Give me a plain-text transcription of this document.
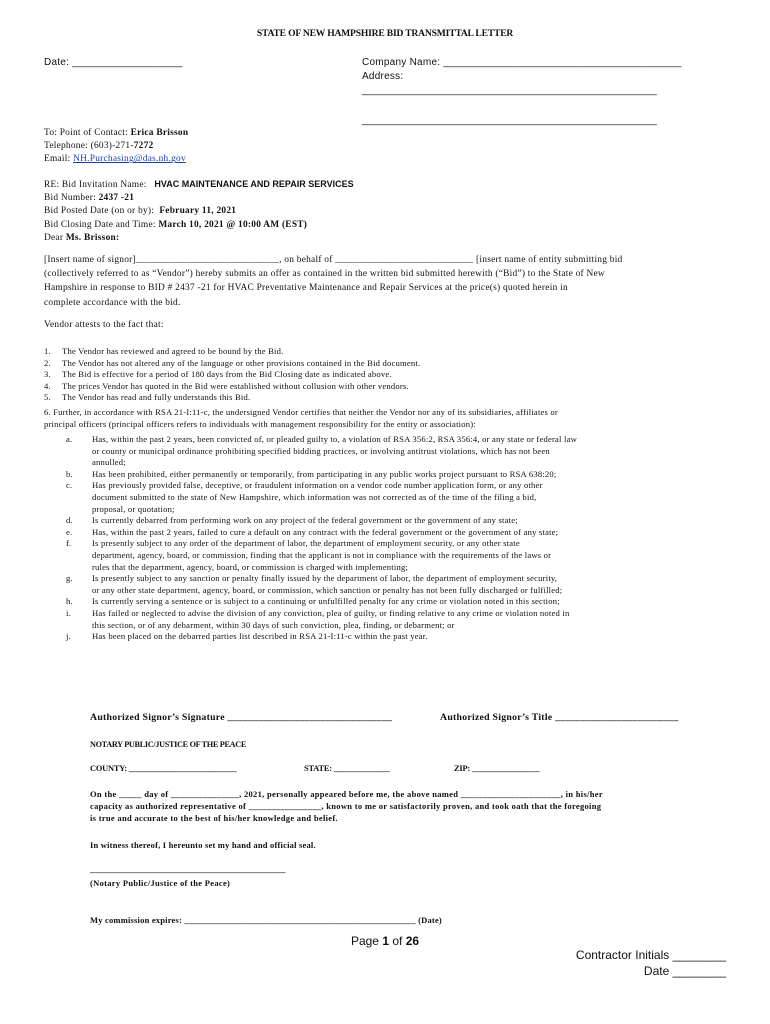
STATE OF NEW HAMPSHIRE BID TRANSMITTAL LETTER
Date: ___________________	Company Name: _________________________________________
Address:
_____________________________________________________
_____________________________________________________

To: Point of Contact: Erica Brisson

Telephone: (603)-271-7272

Email: NH.Purchasing@das.nh.gov

RE: Bid Invitation Name: HVAC MAINTENANCE AND REPAIR SERVICES

Bid Number: 2437 -21

Bid Posted Date (on or by): February 11, 2021

Bid Closing Date and Time: March 10, 2021 @ 10:00 AM (EST)

Dear Ms. Brisson:

[Insert name of signor]_____________________________, on behalf of ____________________________ [insert name of entity submitting bid

(collectively referred to as “Vendor”) hereby submits an offer as contained in the written bid submitted herewith (“Bid”) to the State of New

Hampshire in response to BID # 2437 -21 for HVAC Preventative Maintenance and Repair Services at the price(s) quoted herein in

complete accordance with the bid.

Vendor attests to the fact that:
1.	The Vendor has reviewed and agreed to be bound by the Bid.
2.	The Vendor has not altered any of the language or other provisions contained in the Bid document.
3.	The Bid is effective for a period of 180 days from the Bid Closing date as indicated above.
4.	The prices Vendor has quoted in the Bid were established without collusion with other vendors.
5.	The Vendor has read and fully understands this Bid.

6. Further, in accordance with RSA 21-I:11-c, the undersigned Vendor certifies that neither the Vendor nor any of its subsidiaries, affiliates or

principal officers (principal officers refers to individuals with management responsibility for the entity or association):

a.	Has, within the past 2 years, been convicted of, or pleaded guilty to, a violation of RSA 356:2, RSA 356:4, or any state or federal law
or county or municipal ordinance prohibiting specified bidding practices, or involving antitrust violations, which has not been
annulled;
b.	Has been prohibited, either permanently or temporarily, from participating in any public works project pursuant to RSA 638:20;
c.	Has previously provided false, deceptive, or fraudulent information on a vendor code number application form, or any other
document submitted to the state of New Hampshire, which information was not corrected as of the time of the filing a bid,
proposal, or quotation;
d.	Is currently debarred from performing work on any project of the federal government or the government of any state;
e.	Has, within the past 2 years, failed to cure a default on any contract with the federal government or the government of any state;
f.	Is presently subject to any order of the department of labor, the department of employment security, or any other state
department, agency, board, or commission, finding that the applicant is not in compliance with the requirements of the laws or
rules that the department, agency, board, or commission is charged with implementing;
g.	Is presently subject to any sanction or penalty finally issued by the department of labor, the department of employment security,
or any other state department, agency, board, or commission, which sanction or penalty has not been fully discharged or fulfilled;
h.	Is currently serving a sentence or is subject to a continuing or unfulfilled penalty for any crime or violation noted in this section;
i.	Has failed or neglected to advise the division of any conviction, plea of guilty, or finding relative to any crime or violation noted in
this section, or of any debarment, within 30 days of such conviction, plea, finding, or debarment; or
j.	Has been placed on the debarred parties list described in RSA 21-I:11-c within the past year.
Authorized Signor’s Signature ________________________________	Authorized Signor’s Title ________________________
NOTARY PUBLIC/JUSTICE OF THE PEACE
COUNTY: ___________________________	STATE: ______________	ZIP: _________________

On the _____ day of _______________, 2021, personally appeared before me, the above named ______________________, in his/her

capacity as authorized representative of ________________, known to me or satisfactorily proven, and took oath that the foregoing

is true and accurate to the best of his/her knowledge and belief.

In witness thereof, I hereunto set my hand and official seal.
______________________________________________
(Notary Public/Justice of the Peace)
My commission expires: ____________________________________________________ (Date)
Page 1 of 26
Contractor Initials ________
Date ________
